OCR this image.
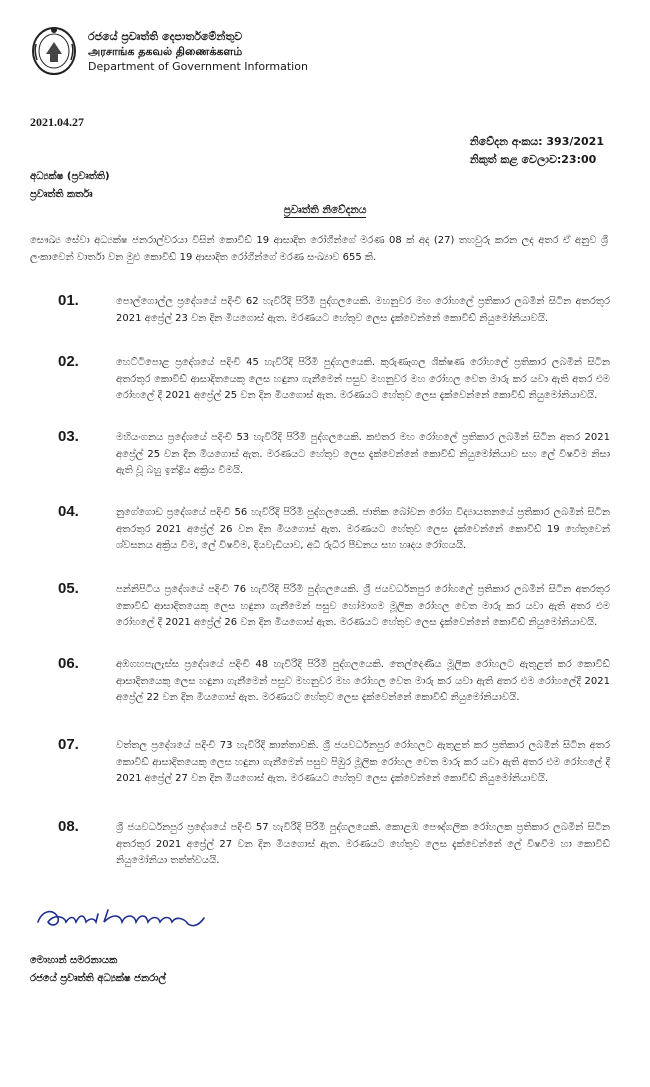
රජයේ ප්‍රවෘත්ති දෙපාර්තමේන්තුව
அரசாங்க தகவல் திணைக்களம்
Department of Government Information
2021.04.27
නිවේදන අංකය: 393/2021
නිකුත් කළ වෙලාව:23:00
අධ්‍යක්ෂ (ප්‍රවෘත්ති)
ප්‍රවෘත්ති කර්තෘ
ප්‍රවෘත්ති නිවේදනය
සෞඛ්‍ය සේවා අධ්‍යක්ෂ ජනරාල්වරයා විසින් කොවිඩ් 19 ආසාදිත රෝගීන්ගේ මරණ 08 ක් අද (27) තහවුරු කරන ලද අතර ඒ අනුව ශ්‍රී ලංකාවෙන් වාර්තා වන මුළු කොවිඩ් 19 ආසාදිත රෝගීන්ගේ මරණ සංඛ්‍යාව 655 කි.
01.	පොල්ගොල්ල ප්‍රදේශයේ පදිංචි 62 හැවිරිදි පිරිමි පුද්ගලයෙකි. මහනුවර මහ රෝහලේ ප්‍රතිකාර ලබමින් සිටින අතරතුර 2021 අප්‍රේල් 23 වන දින මියගොස් ඇත. මරණයට හේතුව ලෙස දැක්වෙන්නේ කොවිඩ් නියුමෝනියාවයි.
02.	හෙට්ටිපොළ ප්‍රදේශයේ පදිංචි 45 හැවිරිදි පිරිමි පුද්ගලයෙකි. කුරුණෑගල ශික්ෂණ රෝහලේ ප්‍රතිකාර ලබමින් සිටින අතරතුර කොවිඩ් ආසාදිතයෙකු ලෙස හඳුනා ගැනීමෙන් පසුව මහනුවර මහ රෝහල වෙත මාරු කර යවා ඇති අතර එම රෝහලේ දී 2021 අප්‍රේල් 25 වන දින මියගොස් ඇත. මරණයට හේතුව ලෙස දැක්වෙන්නේ කොවිඩ් නියුමෝනියාවයි.
03.	මහියංගනය ප්‍රදේශයේ පදිංචි 53 හැවිරිදි පිරිමි පුද්ගලයෙකි. කළුතර මහ රෝහලේ ප්‍රතිකාර ලබමින් සිටින අතර 2021 අප්‍රේල් 25 වන දින මියගොස් ඇත. මරණයට හේතුව ලෙස දැක්වෙන්නේ කොවිඩ් නියුමෝනියාව සහ ලේ විෂවීම නිසා ඇති වූ බහු ඉන්ද්‍රිය අක්‍රිය වීමයි.
04.	නුගේගොඩ ප්‍රදේශයේ පදිංචි 56 හැවිරිදි පිරිමි පුද්ගලයෙකි. ජාතික බෝවන රෝග විද්‍යායතනයේ ප්‍රතිකාර ලබමින් සිටින අතරතුර 2021 අප්‍රේල් 26 වන දින මියගොස් ඇත. මරණයට හේතුව ලෙස දැක්වෙන්නේ කොවිඩ් 19 හේතුවෙන් ශ්වසනය අක්‍රිය වීම, ලේ විෂවීම, දියවැඩියාව, අධි රුධිර පීඩනය සහ හෘදය රෝගයයි.
05.	පන්නිපිටිය ප්‍රදේශයේ පදිංචි 76 හැවිරිදි පිරිමි පුද්ගලයෙකි. ශ්‍රී ජයවර්ධනපුර රෝහලේ ප්‍රතිකාර ලබමින් සිටින අතරතුර කොවිඩ් ආසාදිතයෙකු ලෙස හඳුනා ගැනීමෙන් පසුව හෝමාගම මූලික රෝහල වෙත මාරු කර යවා ඇති අතර එම රෝහලේ දී 2021 අප්‍රේල් 26 වන දින මියගොස් ඇත. මරණයට හේතුව ලෙස දැක්වෙන්නේ කොවිඩ් නියුමෝනියාවයි.
06.	අඹගහපැලැස්ස ප්‍රදේශයේ පදිංචි 48 හැවිරිදි පිරිමි පුද්ගලයෙකි. තෙල්දෙණිය මූලික රෝහලට ඇතුළත් කර කොවිඩ් ආසාදිතයෙකු ලෙස හඳුනා ගැනීමෙන් පසුව මහනුවර මහ රෝහල වෙත මාරු කර යවා ඇති අතර එම රෝහලේදී 2021 අප්‍රේල් 22 වන දින මියගොස් ඇත. මරණයට හේතුව ලෙස දැක්වෙන්නේ කොවිඩ් නියුමෝනියාවයි.
07.	වත්තල ප්‍රදේශයේ පදිංචි 73 හැවිරිදි කාන්තාවකි. ශ්‍රී ජයවර්ධනපුර රෝහලට ඇතුළත් කර ප්‍රතිකාර ලබමින් සිටින අතර කොවිඩ් ආසාදිතයෙකු ලෙස හඳුනා ගැනීමෙන් පසුව පිඹුර මූලික රෝහල වෙත මාරු කර යවා ඇති අතර එම රෝහලේ දී 2021 අප්‍රේල් 27 වන දින මියගොස් ඇත. මරණයට හේතුව ලෙස දැක්වෙන්නේ කොවිඩ් නියුමෝනියාවයි.
08.	ශ්‍රී ජයවර්ධනපුර ප්‍රදේශයේ පදිංචි 57 හැවිරිදි පිරිමි පුද්ගලයෙකි. කොළඹ පෞද්ගලික රෝහලක ප්‍රතිකාර ලබමින් සිටින අතරතුර 2021 අප්‍රේල් 27 වන දින මියගොස් ඇත. මරණයට හේතුව ලෙස දැක්වෙන්නේ ලේ විෂවීම හා කොවිඩ් නියුමෝනියා තත්ත්වයයි.
මොහාන් සමරනායක
රජයේ ප්‍රවෘත්ති අධ්‍යක්ෂ ජනරාල්
